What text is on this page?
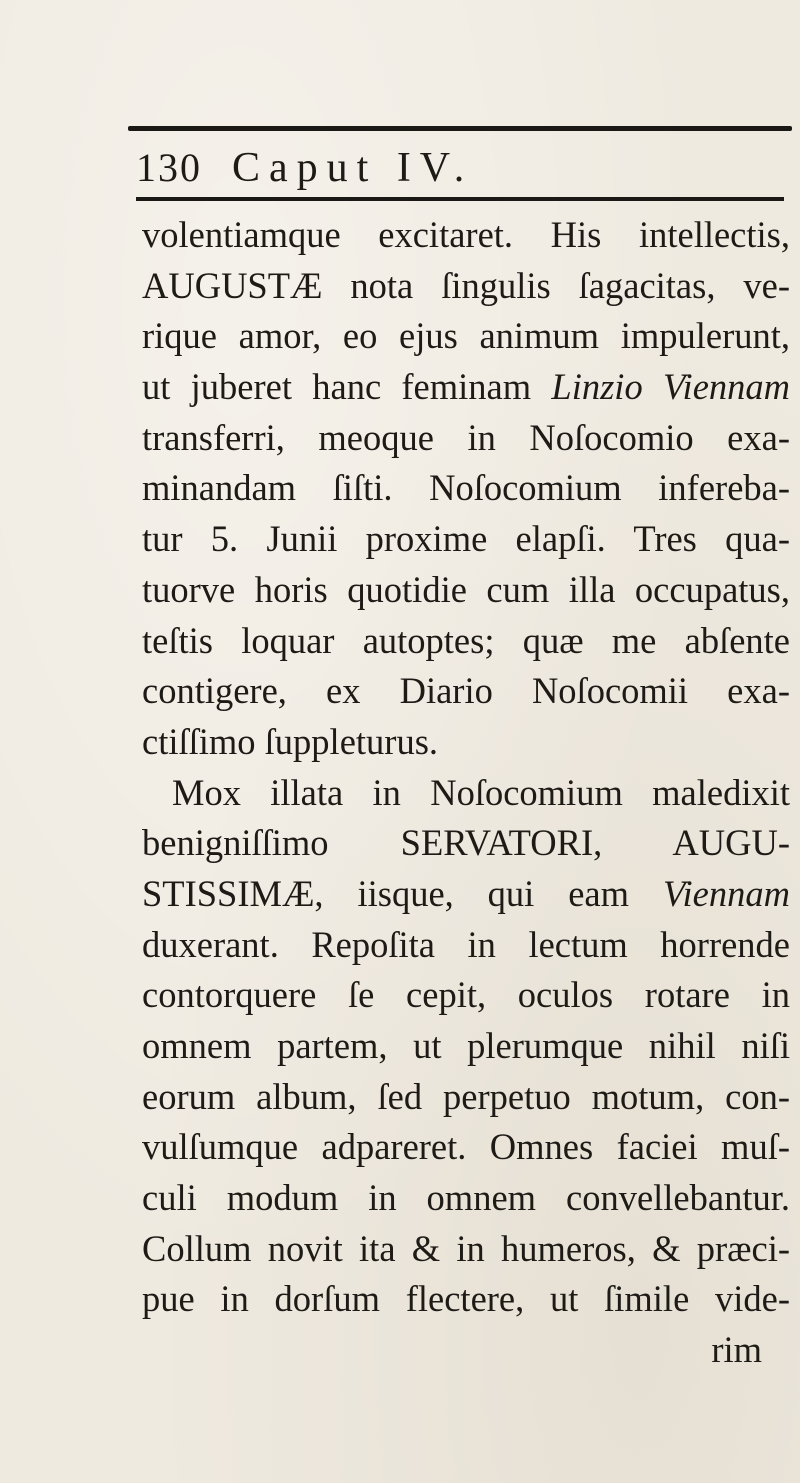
130 Caput IV.
volentiamque excitaret. His intellectis,
AUGUSTÆ nota ſingulis ſagacitas, ve-
rique amor, eo ejus animum impulerunt,
ut juberet hanc feminam Linzio Viennam
transferri, meoque in Noſocomio exa-
minandam ſiſti. Noſocomium infereba-
tur 5. Junii proxime elapſi. Tres qua-
tuorve horis quotidie cum illa occupatus,
teſtis loquar autoptes; quæ me abſente
contigere, ex Diario Noſocomii exa-
ctiſſimo ſuppleturus.
Mox illata in Noſocomium maledixit
benigniſſimo SERVATORI, AUGU-
STISSIMÆ, iisque, qui eam Viennam
duxerant. Repoſita in lectum horrende
contorquere ſe cepit, oculos rotare in
omnem partem, ut plerumque nihil niſi
eorum album, ſed perpetuo motum, con-
vulſumque adpareret. Omnes faciei muſ-
culi modum in omnem convellebantur.
Collum novit ita & in humeros, & præci-
pue in dorſum flectere, ut ſimile vide-
rim
